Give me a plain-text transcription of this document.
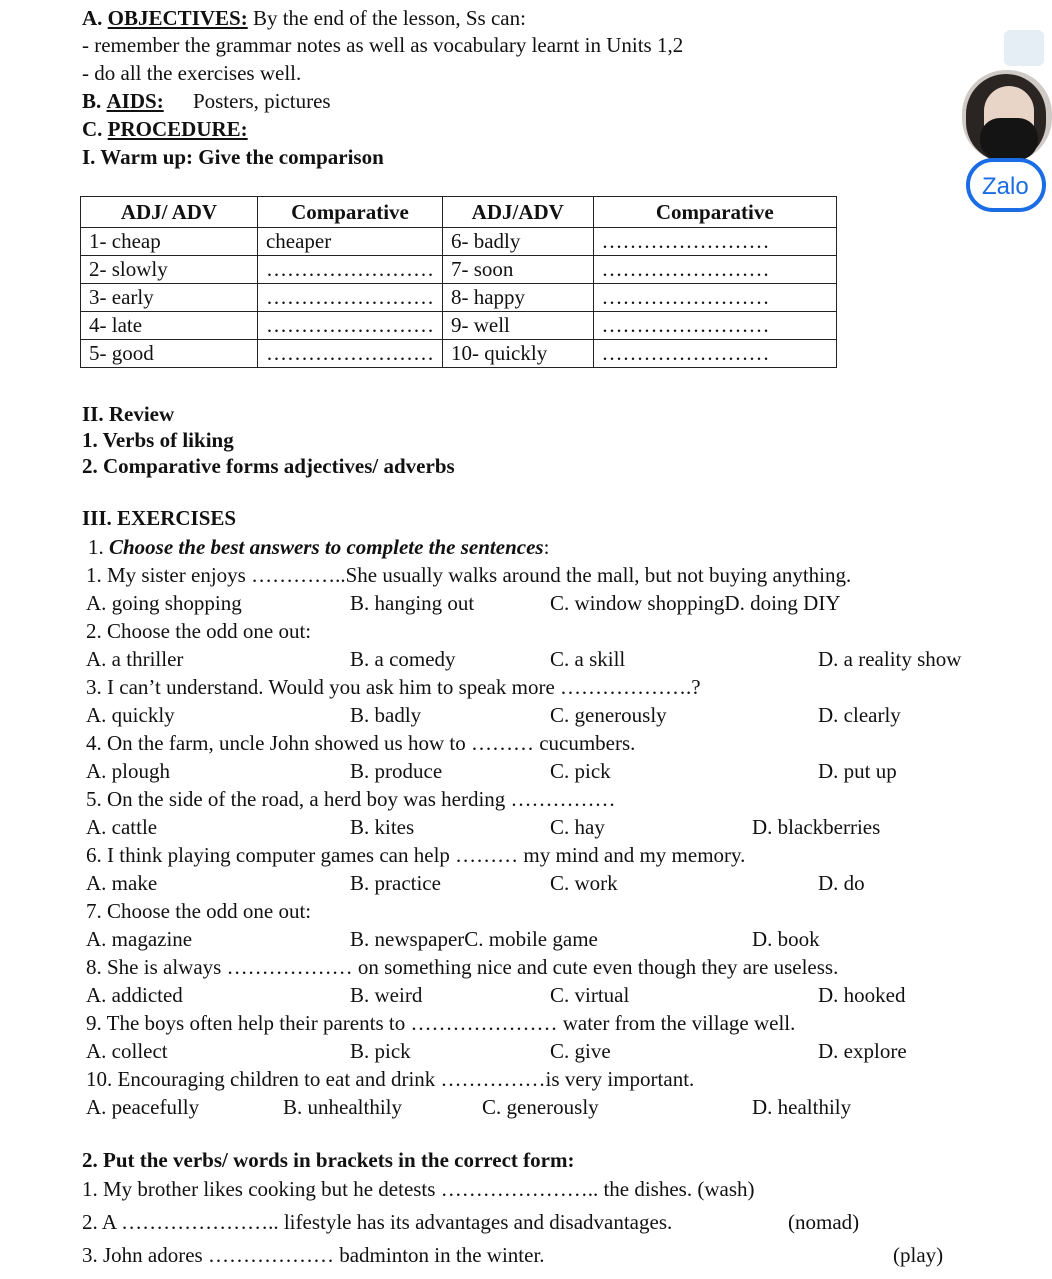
A. OBJECTIVES: By the end of the lesson, Ss can:
- remember the grammar notes as well as vocabulary learnt in Units 1,2
- do all the exercises well.
B. AIDS: Posters, pictures
C. PROCEDURE:
I. Warm up: Give the comparison
ADJ/ ADV	Comparative	ADJ/ADV	Comparative
1- cheap	cheaper	6- badly	……………………
2- slowly	……………………	7- soon	……………………
3- early	……………………	8- happy	……………………
4- late	……………………	9- well	……………………
5- good	……………………	10- quickly	……………………
II. Review
1. Verbs of liking
2. Comparative forms adjectives/ adverbs
III. EXERCISES
1. Choose the best answers to complete the sentences:
1. My sister enjoys …………..She usually walks around the mall, but not buying anything.
A. going shopping	B. hanging out	C. window shoppingD. doing DIY
2. Choose the odd one out:
A. a thriller	B. a comedy	C. a skill	D. a reality show
3. I can’t understand. Would you ask him to speak more ……………….?
A. quickly	B. badly	C. generously	D. clearly
4. On the farm, uncle John showed us how to ……… cucumbers.
A. plough	B. produce	C. pick	D. put up
5. On the side of the road, a herd boy was herding ……………
A. cattle	B. kites	C. hay	D. blackberries
6. I think playing computer games can help ……… my mind and my memory.
A. make	B. practice	C. work	D. do
7. Choose the odd one out:
A. magazine	B. newspaperC. mobile game	D. book
8. She is always ……………… on something nice and cute even though they are useless.
A. addicted	B. weird	C. virtual	D. hooked
9. The boys often help their parents to ………………… water from the village well.
A. collect	B. pick	C. give	D. explore
10. Encouraging children to eat and drink ……………is very important.
A. peacefully	B. unhealthily	C. generously	D. healthily
2. Put the verbs/ words in brackets in the correct form:
1. My brother likes cooking but he detests ………………….. the dishes. (wash)
2. A ………………….. lifestyle has its advantages and disadvantages.	(nomad)
3. John adores ……………… badminton in the winter.	(play)
Zalo
